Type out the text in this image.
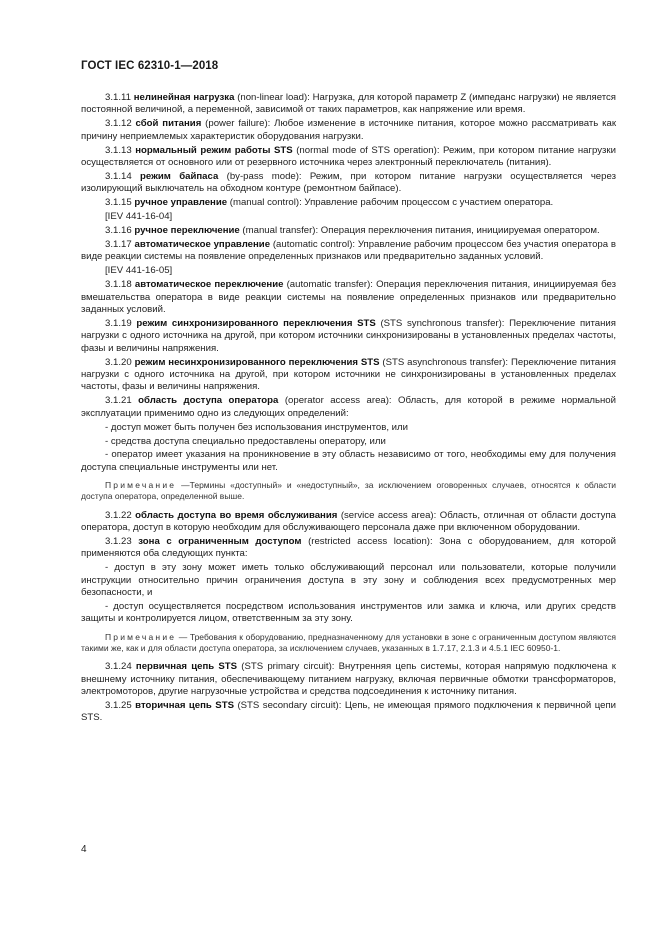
ГОСТ IEC 62310-1—2018

3.1.11 нелинейная нагрузка (non-linear load): Нагрузка, для которой параметр Z (импеданс нагрузки) не является постоянной величиной, а переменной, зависимой от таких параметров, как напряжение или время.

3.1.12 сбой питания (power failure): Любое изменение в источнике питания, которое можно рассматривать как причину неприемлемых характеристик оборудования нагрузки.

3.1.13 нормальный режим работы STS (normal mode of STS operation): Режим, при котором питание нагрузки осуществляется от основного или от резервного источника через электронный переключатель (питания).

3.1.14 режим байпаса (by-pass mode): Режим, при котором питание нагрузки осуществляется через изолирующий выключатель на обходном контуре (ремонтном байпасе).

3.1.15 ручное управление (manual control): Управление рабочим процессом с участием оператора.

[IEV 441-16-04]

3.1.16 ручное переключение (manual transfer): Операция переключения питания, инициируемая оператором.

3.1.17 автоматическое управление (automatic control): Управление рабочим процессом без участия оператора в виде реакции системы на появление определенных признаков или предварительно заданных условий.

[IEV 441-16-05]

3.1.18 автоматическое переключение (automatic transfer): Операция переключения питания, инициируемая без вмешательства оператора в виде реакции системы на появление определенных признаков или предварительно заданных условий.

3.1.19 режим синхронизированного переключения STS (STS synchronous transfer): Переключение питания нагрузки с одного источника на другой, при котором источники синхронизированы в установленных пределах частоты, фазы и величины напряжения.

3.1.20 режим несинхронизированного переключения STS (STS asynchronous transfer): Переключение питания нагрузки с одного источника на другой, при котором источники не синхронизированы в установленных пределах частоты, фазы и величины напряжения.

3.1.21 область доступа оператора (operator access area): Область, для которой в режиме нормальной эксплуатации применимо одно из следующих определений:

- доступ может быть получен без использования инструментов, или

- средства доступа специально предоставлены оператору, или

- оператор имеет указания на проникновение в эту область независимо от того, необходимы ему для получения доступа специальные инструменты или нет.

Примечание —Термины «доступный» и «недоступный», за исключением оговоренных случаев, относятся к области доступа оператора, определенной выше.

3.1.22 область доступа во время обслуживания (service access area): Область, отличная от области доступа оператора, доступ в которую необходим для обслуживающего персонала даже при включенном оборудовании.

3.1.23 зона с ограниченным доступом (restricted access location): Зона с оборудованием, для которой применяются оба следующих пункта:

- доступ в эту зону может иметь только обслуживающий персонал или пользователи, которые получили инструкции относительно причин ограничения доступа в эту зону и соблюдения всех предусмотренных мер безопасности, и

- доступ осуществляется посредством использования инструментов или замка и ключа, или других средств защиты и контролируется лицом, ответственным за эту зону.

Примечание — Требования к оборудованию, предназначенному для установки в зоне с ограниченным доступом являются такими же, как и для области доступа оператора, за исключением случаев, указанных в 1.7.17, 2.1.3 и 4.5.1 IEC 60950-1.

3.1.24 первичная цепь STS (STS primary circuit): Внутренняя цепь системы, которая напрямую подключена к внешнему источнику питания, обеспечивающему питанием нагрузку, включая первичные обмотки трансформаторов, электромоторов, другие нагрузочные устройства и средства подсоединения к источнику питания.

3.1.25 вторичная цепь STS (STS secondary circuit): Цепь, не имеющая прямого подключения к первичной цепи STS.

4
